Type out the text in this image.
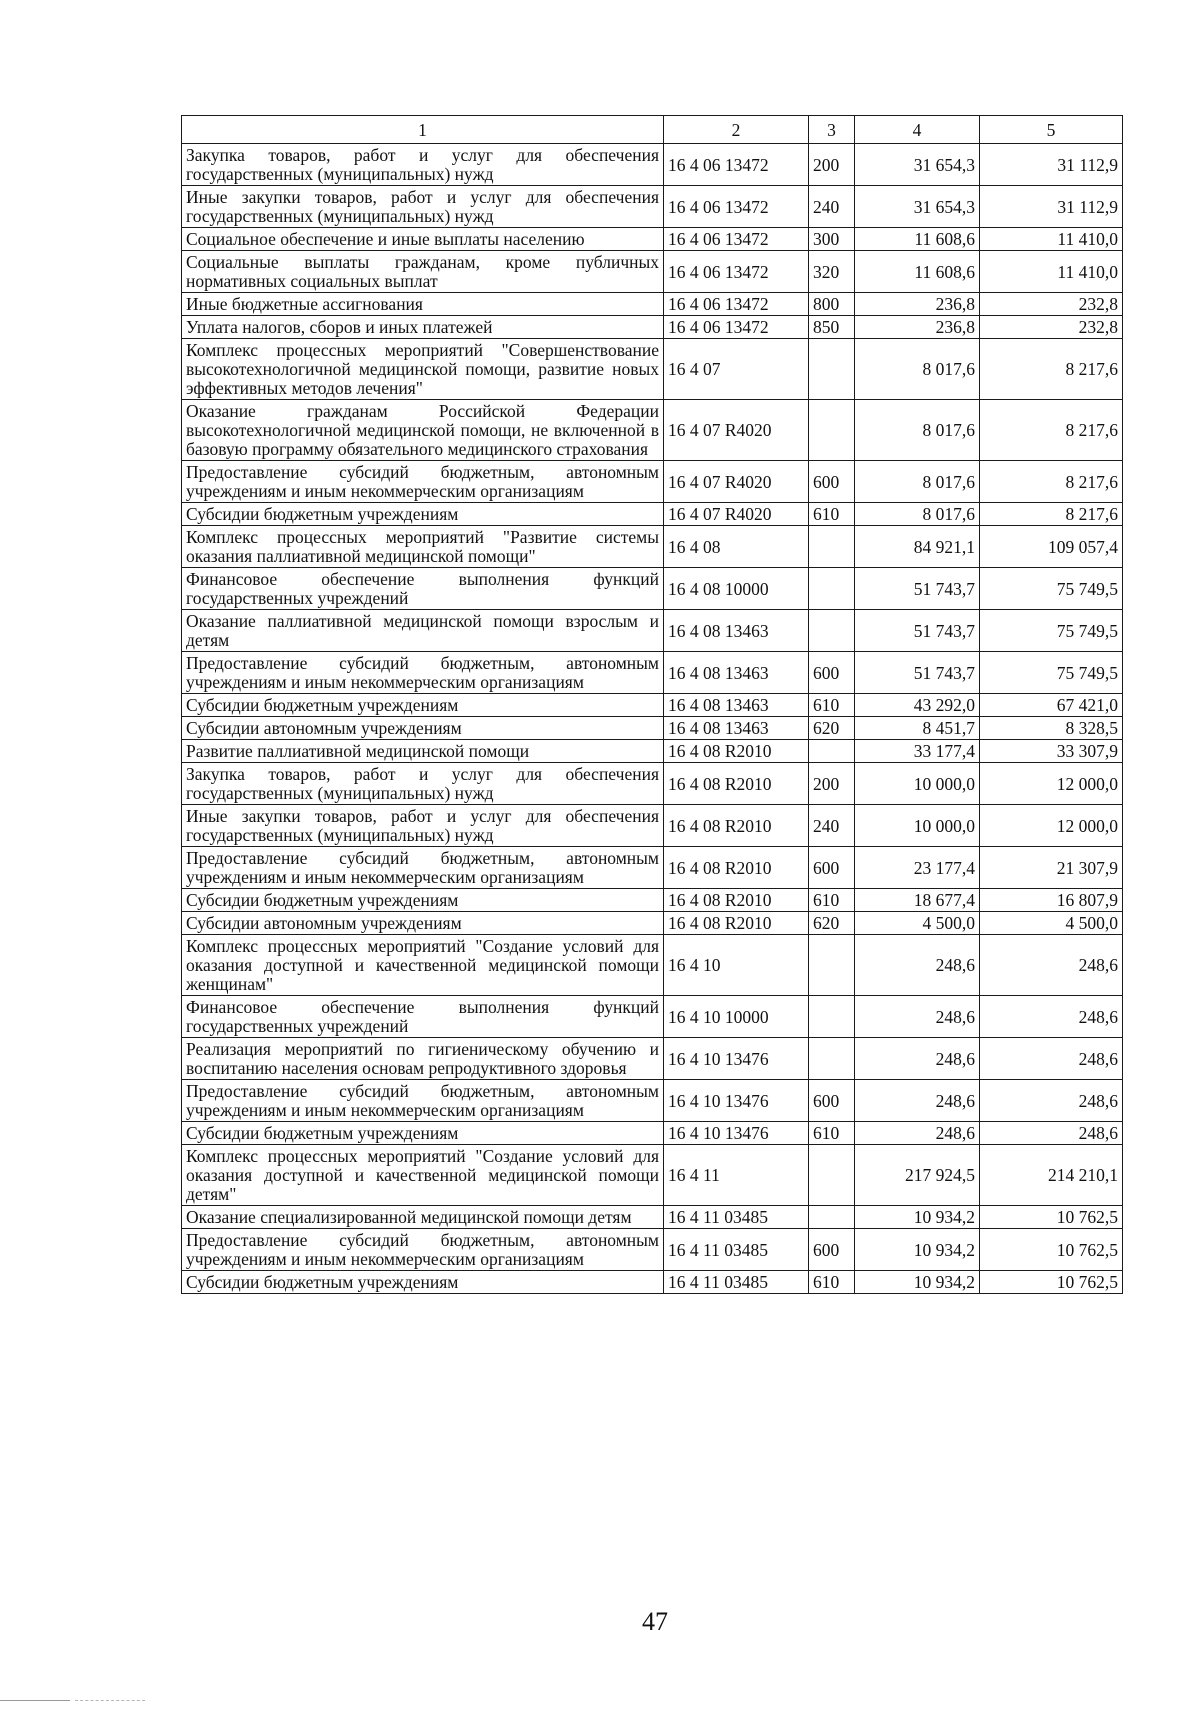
1	2	3	4	5
Закупка товаров, работ и услуг для обеспечения государственных (муниципальных) нужд	16 4 06 13472	200	31 654,3	31 112,9
Иные закупки товаров, работ и услуг для обеспечения государственных (муниципальных) нужд	16 4 06 13472	240	31 654,3	31 112,9
Социальное обеспечение и иные выплаты населению	16 4 06 13472	300	11 608,6	11 410,0
Социальные выплаты гражданам, кроме публичных нормативных социальных выплат	16 4 06 13472	320	11 608,6	11 410,0
Иные бюджетные ассигнования	16 4 06 13472	800	236,8	232,8
Уплата налогов, сборов и иных платежей	16 4 06 13472	850	236,8	232,8
Комплекс процессных мероприятий "Совершенствование высокотехнологичной медицинской помощи, развитие новых эффективных методов лечения"	16 4 07		8 017,6	8 217,6
Оказание гражданам Российской Федерации высокотехнологичной медицинской помощи, не включенной в базовую программу обязательного медицинского страхования	16 4 07 R4020		8 017,6	8 217,6
Предоставление субсидий бюджетным, автономным учреждениям и иным некоммерческим организациям	16 4 07 R4020	600	8 017,6	8 217,6
Субсидии бюджетным учреждениям	16 4 07 R4020	610	8 017,6	8 217,6
Комплекс процессных мероприятий "Развитие системы оказания паллиативной медицинской помощи"	16 4 08		84 921,1	109 057,4
Финансовое обеспечение выполнения функций государственных учреждений	16 4 08 10000		51 743,7	75 749,5
Оказание паллиативной медицинской помощи взрослым и детям	16 4 08 13463		51 743,7	75 749,5
Предоставление субсидий бюджетным, автономным учреждениям и иным некоммерческим организациям	16 4 08 13463	600	51 743,7	75 749,5
Субсидии бюджетным учреждениям	16 4 08 13463	610	43 292,0	67 421,0
Субсидии автономным учреждениям	16 4 08 13463	620	8 451,7	8 328,5
Развитие паллиативной медицинской помощи	16 4 08 R2010		33 177,4	33 307,9
Закупка товаров, работ и услуг для обеспечения государственных (муниципальных) нужд	16 4 08 R2010	200	10 000,0	12 000,0
Иные закупки товаров, работ и услуг для обеспечения государственных (муниципальных) нужд	16 4 08 R2010	240	10 000,0	12 000,0
Предоставление субсидий бюджетным, автономным учреждениям и иным некоммерческим организациям	16 4 08 R2010	600	23 177,4	21 307,9
Субсидии бюджетным учреждениям	16 4 08 R2010	610	18 677,4	16 807,9
Субсидии автономным учреждениям	16 4 08 R2010	620	4 500,0	4 500,0
Комплекс процессных мероприятий "Создание условий для оказания доступной и качественной медицинской помощи женщинам"	16 4 10		248,6	248,6
Финансовое обеспечение выполнения функций государственных учреждений	16 4 10 10000		248,6	248,6
Реализация мероприятий по гигиеническому обучению и воспитанию населения основам репродуктивного здоровья	16 4 10 13476		248,6	248,6
Предоставление субсидий бюджетным, автономным учреждениям и иным некоммерческим организациям	16 4 10 13476	600	248,6	248,6
Субсидии бюджетным учреждениям	16 4 10 13476	610	248,6	248,6
Комплекс процессных мероприятий "Создание условий для оказания доступной и качественной медицинской помощи детям"	16 4 11		217 924,5	214 210,1
Оказание специализированной медицинской помощи детям	16 4 11 03485		10 934,2	10 762,5
Предоставление субсидий бюджетным, автономным учреждениям и иным некоммерческим организациям	16 4 11 03485	600	10 934,2	10 762,5
Субсидии бюджетным учреждениям	16 4 11 03485	610	10 934,2	10 762,5
47
